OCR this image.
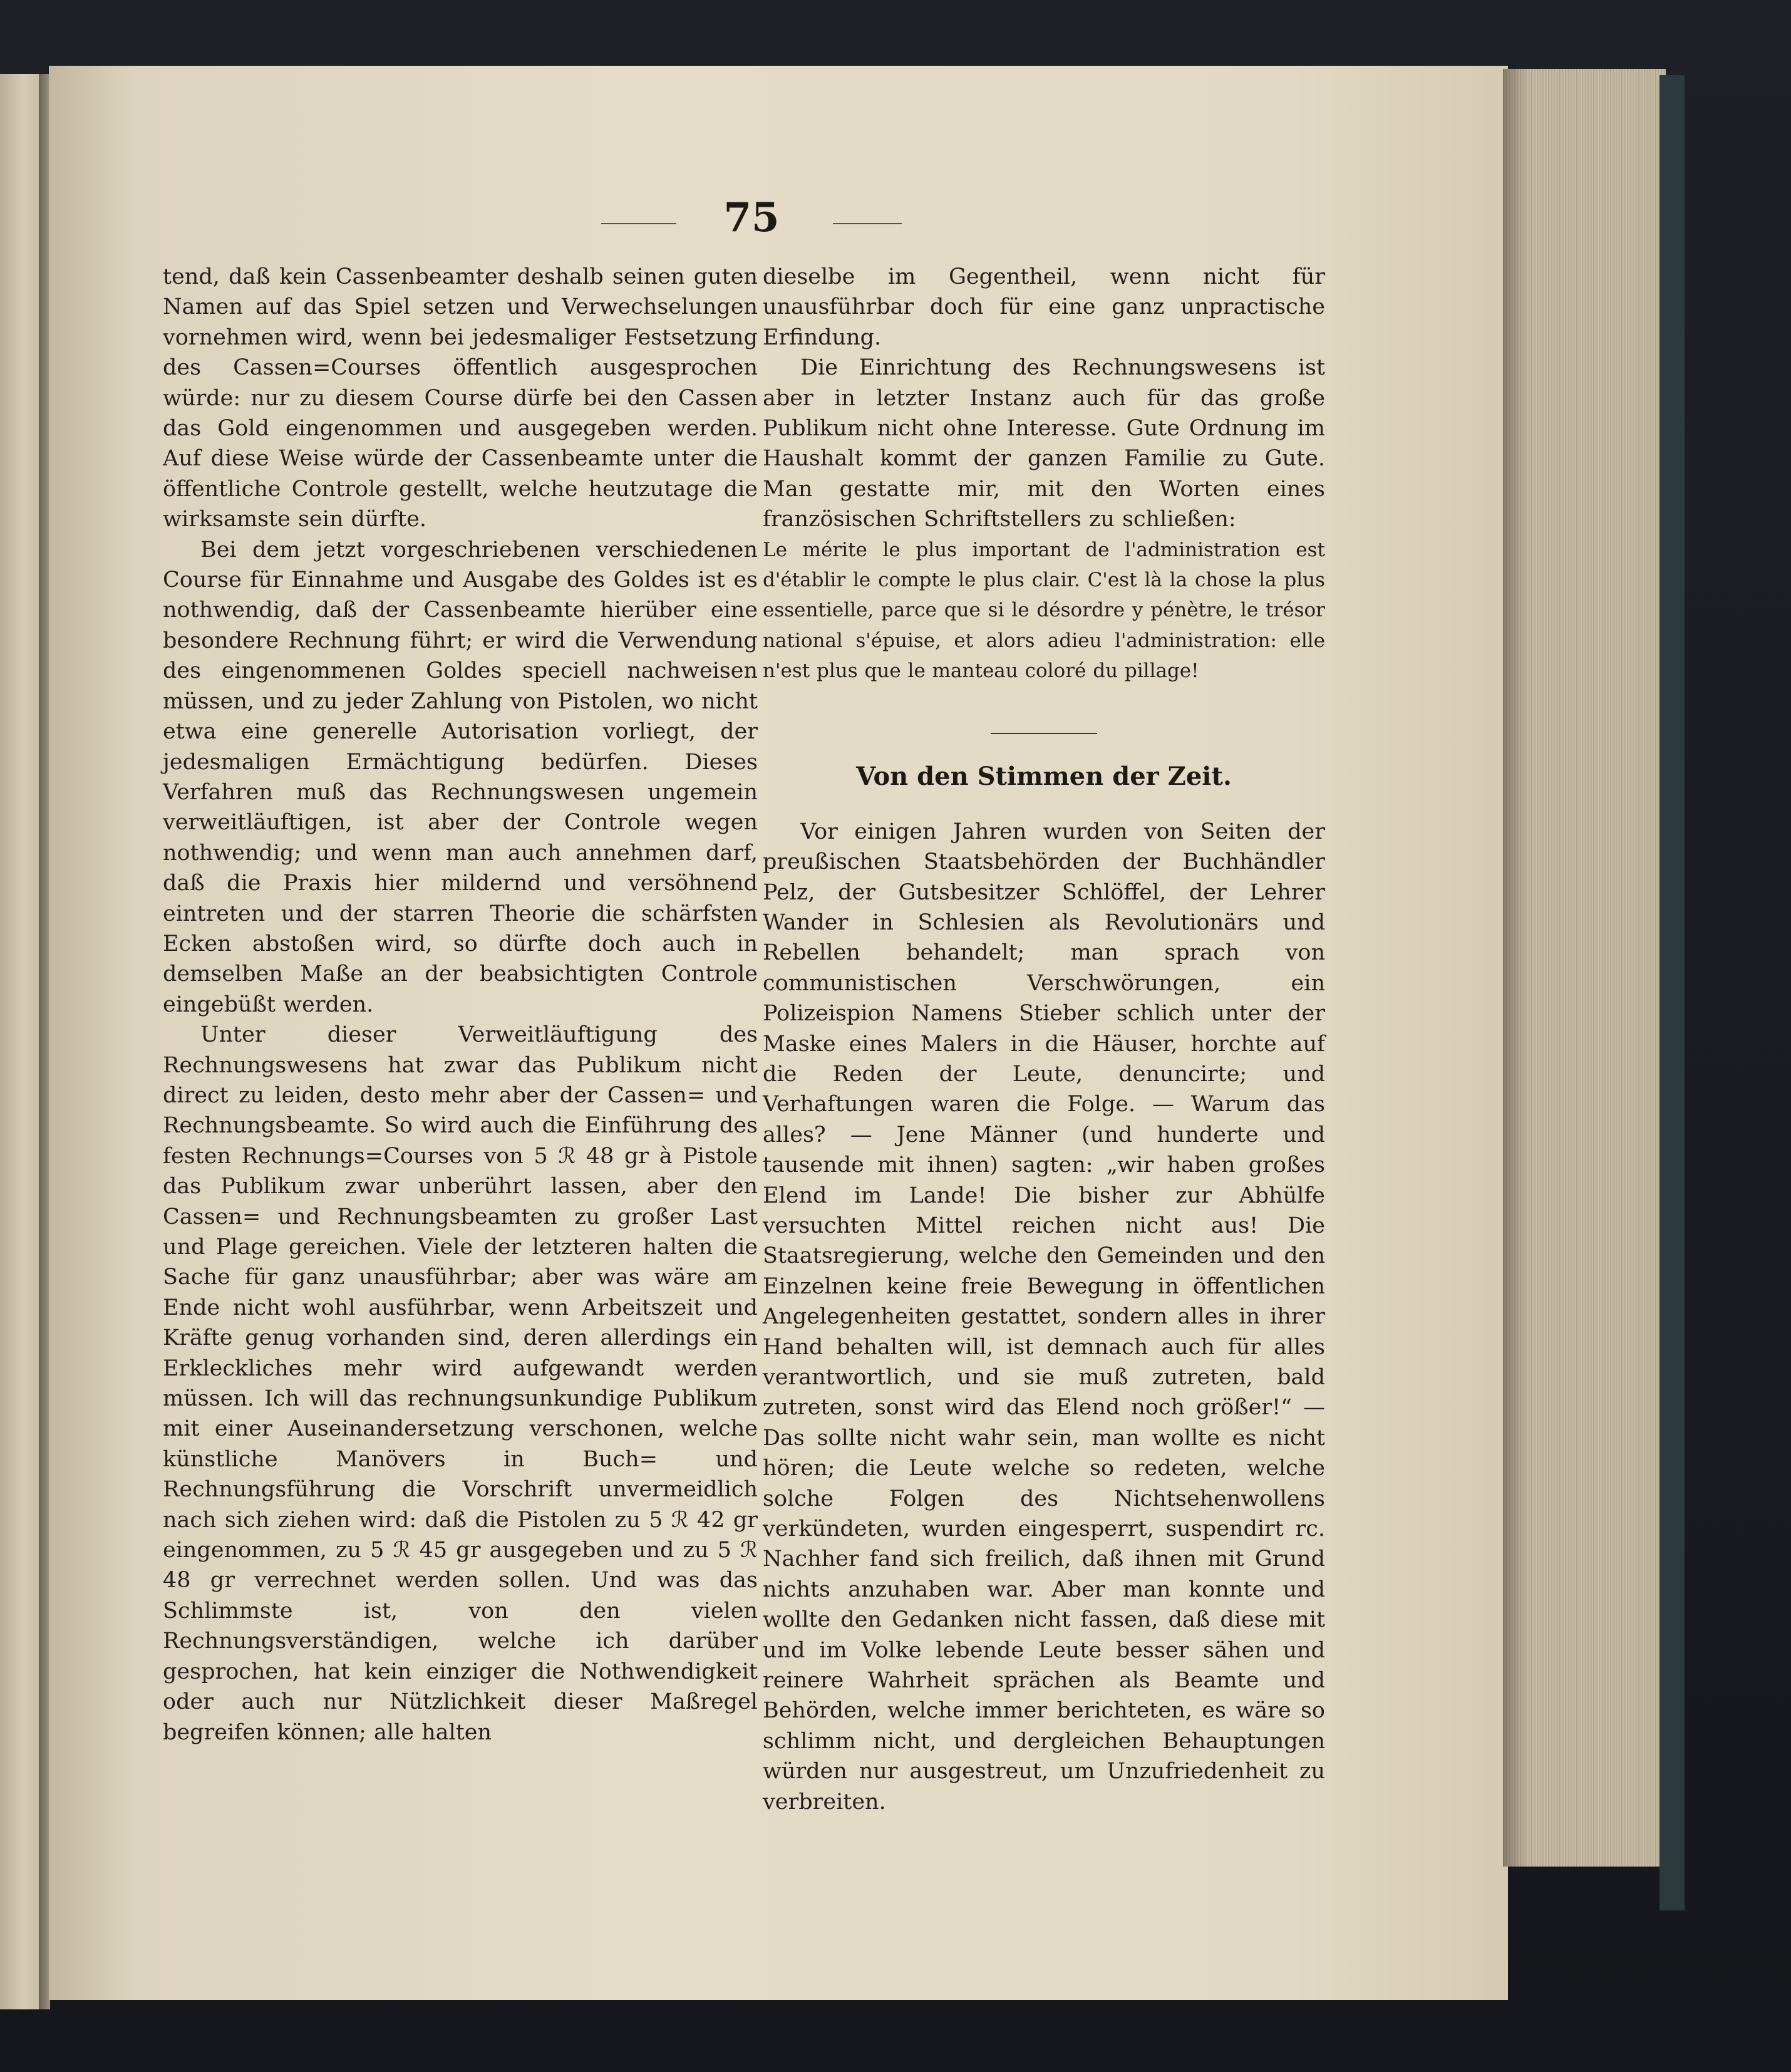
75

tend, daß kein Cassenbeamter deshalb seinen guten Namen auf das Spiel setzen und Verwechselungen vornehmen wird, wenn bei jedesmaliger Festsetzung des Cassen=Courses öffentlich ausgesprochen würde: nur zu diesem Course dürfe bei den Cassen das Gold eingenommen und ausgegeben werden. Auf diese Weise würde der Cassenbeamte unter die öffentliche Controle gestellt, welche heutzutage die wirksamste sein dürfte.

Bei dem jetzt vorgeschriebenen verschiedenen Course für Einnahme und Ausgabe des Goldes ist es nothwendig, daß der Cassenbeamte hierüber eine besondere Rechnung führt; er wird die Verwendung des eingenommenen Goldes speciell nachweisen müssen, und zu jeder Zahlung von Pistolen, wo nicht etwa eine generelle Autorisation vorliegt, der jedesmaligen Ermächtigung bedürfen. Dieses Verfahren muß das Rechnungswesen ungemein verweitläuftigen, ist aber der Controle wegen nothwendig; und wenn man auch annehmen darf, daß die Praxis hier mildernd und versöhnend eintreten und der starren Theorie die schärfsten Ecken abstoßen wird, so dürfte doch auch in demselben Maße an der beabsichtigten Controle eingebüßt werden.

Unter dieser Verweitläuftigung des Rechnungswesens hat zwar das Publikum nicht direct zu leiden, desto mehr aber der Cassen= und Rechnungsbeamte. So wird auch die Einführung des festen Rechnungs=Courses von 5 ℛ 48 gr à Pistole das Publikum zwar unberührt lassen, aber den Cassen= und Rechnungsbeamten zu großer Last und Plage gereichen. Viele der letzteren halten die Sache für ganz unausführbar; aber was wäre am Ende nicht wohl ausführbar, wenn Arbeitszeit und Kräfte genug vorhanden sind, deren allerdings ein Erkleckliches mehr wird aufgewandt werden müssen. Ich will das rechnungsunkundige Publikum mit einer Auseinandersetzung verschonen, welche künstliche Manövers in Buch= und Rechnungsführung die Vorschrift unvermeidlich nach sich ziehen wird: daß die Pistolen zu 5 ℛ 42 gr eingenommen, zu 5 ℛ 45 gr ausgegeben und zu 5 ℛ 48 gr verrechnet werden sollen. Und was das Schlimmste ist, von den vielen Rechnungsverständigen, welche ich darüber gesprochen, hat kein einziger die Nothwendigkeit oder auch nur Nützlichkeit dieser Maßregel begreifen können; alle halten

dieselbe im Gegentheil, wenn nicht für unausführbar doch für eine ganz unpractische Erfindung.

Die Einrichtung des Rechnungswesens ist aber in letzter Instanz auch für das große Publikum nicht ohne Interesse. Gute Ordnung im Haushalt kommt der ganzen Familie zu Gute. Man gestatte mir, mit den Worten eines französischen Schriftstellers zu schließen:

Le mérite le plus important de l'administration est d'établir le compte le plus clair. C'est là la chose la plus essentielle, parce que si le désordre y pénètre, le trésor national s'épuise, et alors adieu l'administration: elle n'est plus que le manteau coloré du pillage!

Von den Stimmen der Zeit.

Vor einigen Jahren wurden von Seiten der preußischen Staatsbehörden der Buchhändler Pelz, der Gutsbesitzer Schlöffel, der Lehrer Wander in Schlesien als Revolutionärs und Rebellen behandelt; man sprach von communistischen Verschwörungen, ein Polizeispion Namens Stieber schlich unter der Maske eines Malers in die Häuser, horchte auf die Reden der Leute, denuncirte; und Verhaftungen waren die Folge. — Warum das alles? — Jene Männer (und hunderte und tausende mit ihnen) sagten: „wir haben großes Elend im Lande! Die bisher zur Abhülfe versuchten Mittel reichen nicht aus! Die Staatsregierung, welche den Gemeinden und den Einzelnen keine freie Bewegung in öffentlichen Angelegenheiten gestattet, sondern alles in ihrer Hand behalten will, ist demnach auch für alles verantwortlich, und sie muß zutreten, bald zutreten, sonst wird das Elend noch größer!“ — Das sollte nicht wahr sein, man wollte es nicht hören; die Leute welche so redeten, welche solche Folgen des Nichtsehenwollens verkündeten, wurden eingesperrt, suspendirt rc. Nachher fand sich freilich, daß ihnen mit Grund nichts anzuhaben war. Aber man konnte und wollte den Gedanken nicht fassen, daß diese mit und im Volke lebende Leute besser sähen und reinere Wahrheit sprächen als Beamte und Behörden, welche immer berichteten, es wäre so schlimm nicht, und dergleichen Behauptungen würden nur ausgestreut, um Unzufriedenheit zu verbreiten.
